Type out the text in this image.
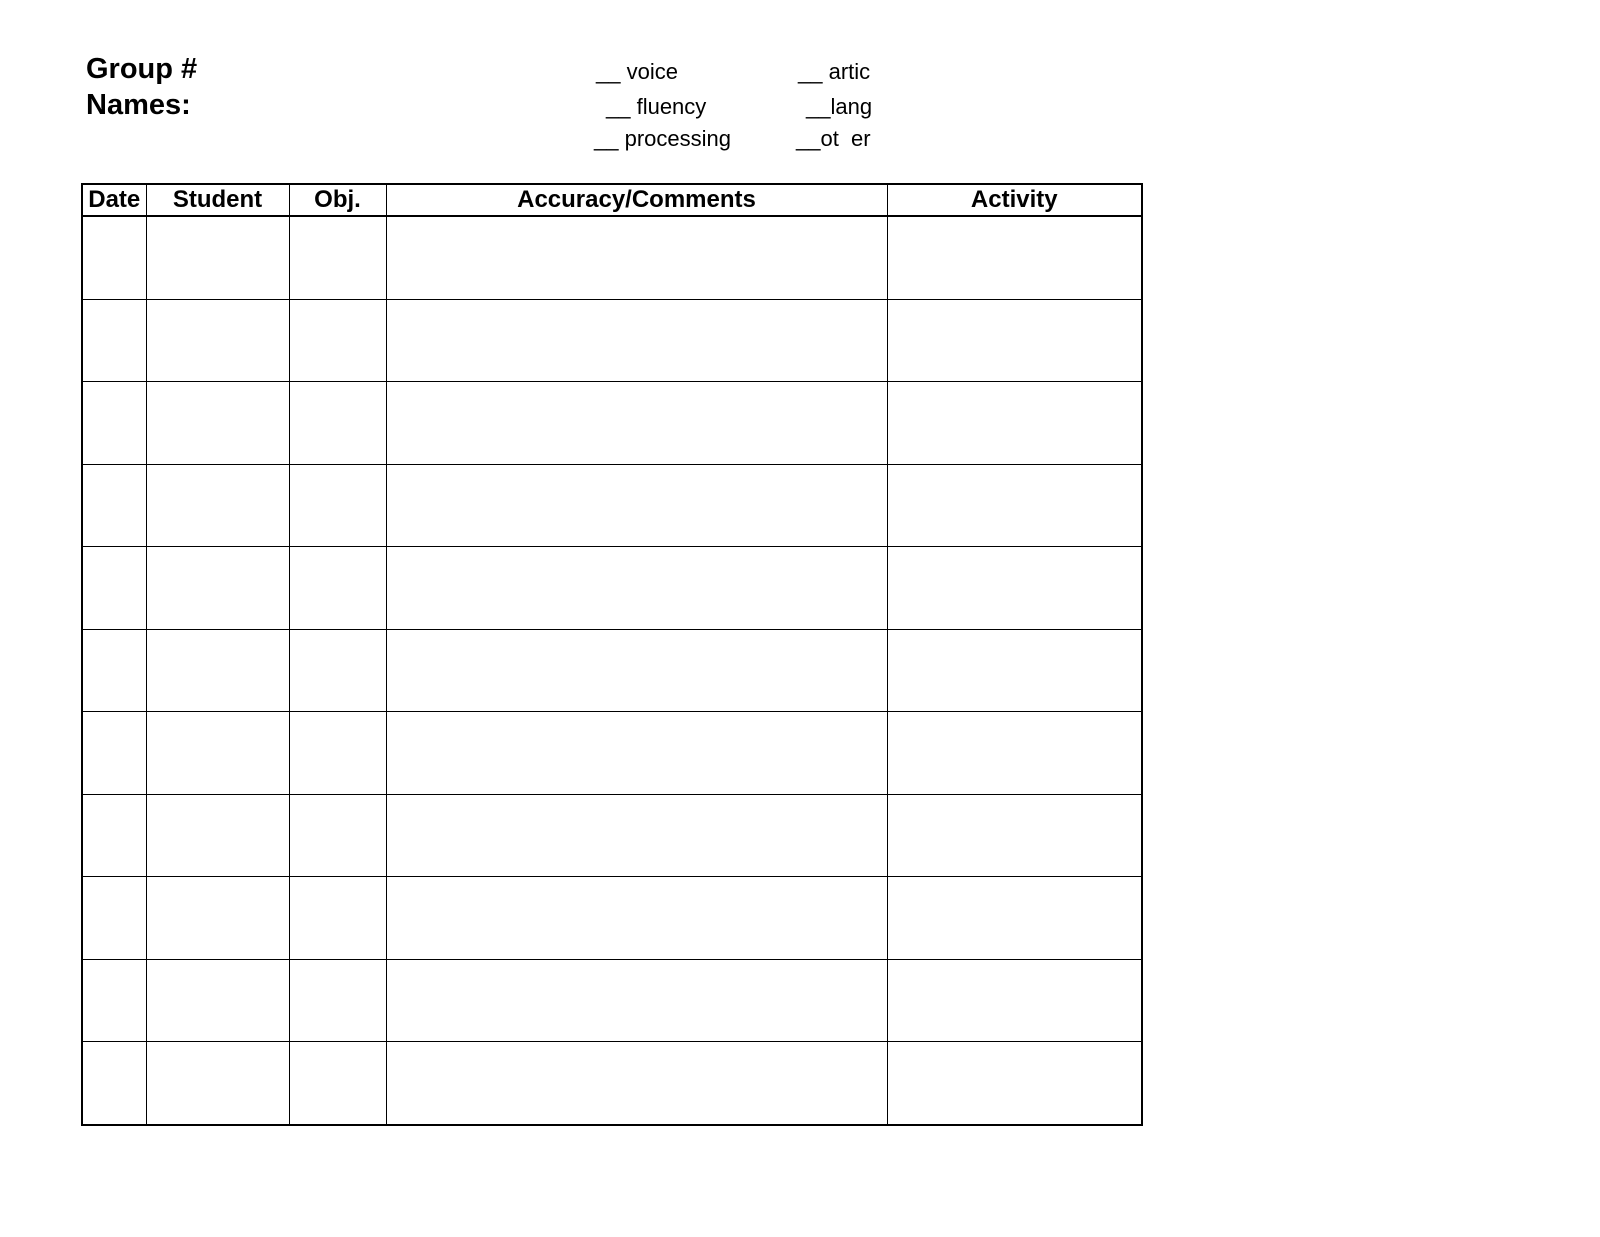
Group #
Names:
__ voice	__ artic
__ fluency	__lang
__ processing	__ot  er
Date	Student	Obj.	Accuracy/Comments	Activity
